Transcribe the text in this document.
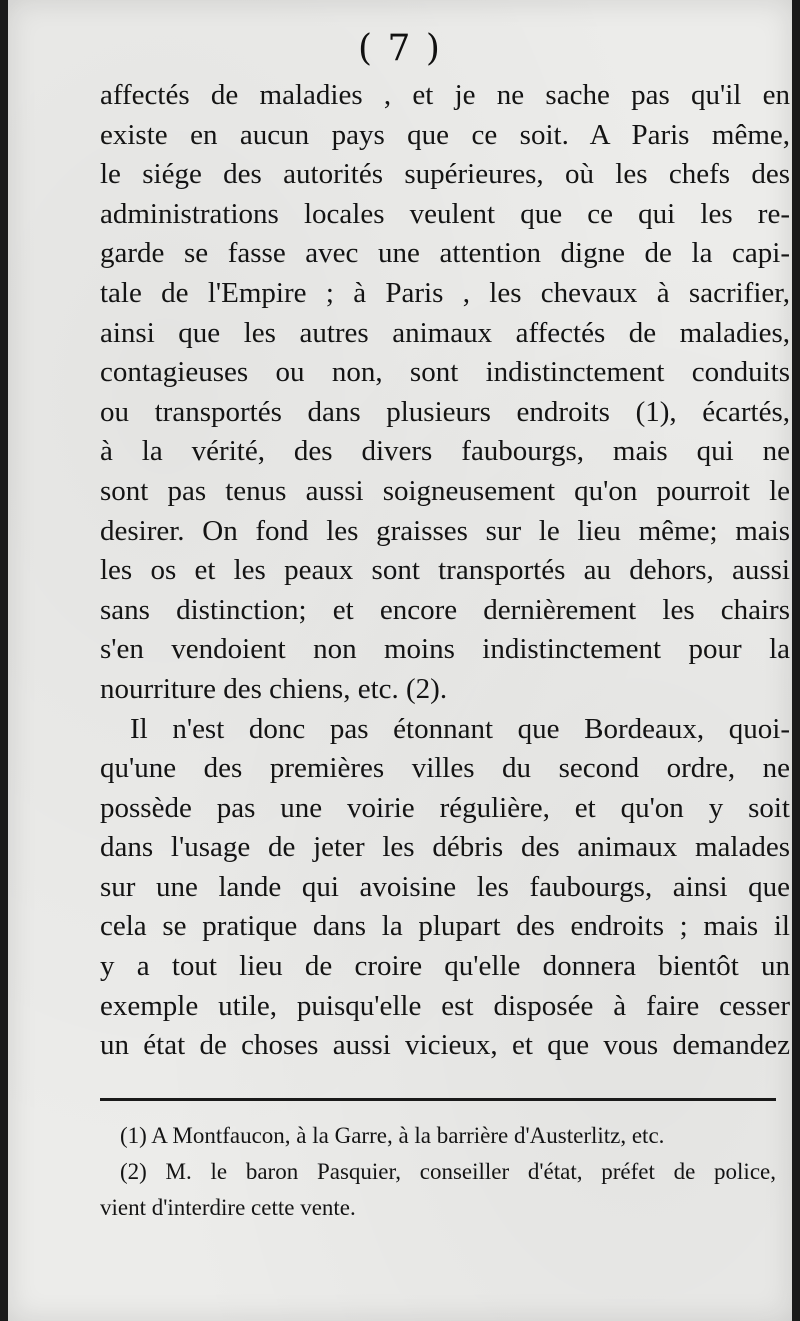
( 7 )
affectés de maladies , et je ne sache pas qu'il en
existe en aucun pays que ce soit. A Paris même,
le siége des autorités supérieures, où les chefs des
administrations locales veulent que ce qui les re-
garde se fasse avec une attention digne de la capi-
tale de l'Empire ; à Paris , les chevaux à sacrifier,
ainsi que les autres animaux affectés de maladies,
contagieuses ou non, sont indistinctement conduits
ou transportés dans plusieurs endroits (1), écartés,
à la vérité, des divers faubourgs, mais qui ne
sont pas tenus aussi soigneusement qu'on pourroit le
desirer. On fond les graisses sur le lieu même; mais
les os et les peaux sont transportés au dehors, aussi
sans distinction; et encore dernièrement les chairs
s'en vendoient non moins indistinctement pour la
nourriture des chiens, etc. (2).
Il n'est donc pas étonnant que Bordeaux, quoi-
qu'une des premières villes du second ordre, ne
possède pas une voirie régulière, et qu'on y soit
dans l'usage de jeter les débris des animaux malades
sur une lande qui avoisine les faubourgs, ainsi que
cela se pratique dans la plupart des endroits ; mais il
y a tout lieu de croire qu'elle donnera bientôt un
exemple utile, puisqu'elle est disposée à faire cesser
un état de choses aussi vicieux, et que vous demandez
(1) A Montfaucon, à la Garre, à la barrière d'Austerlitz, etc.
(2) M. le baron Pasquier, conseiller d'état, préfet de police,
vient d'interdire cette vente.
